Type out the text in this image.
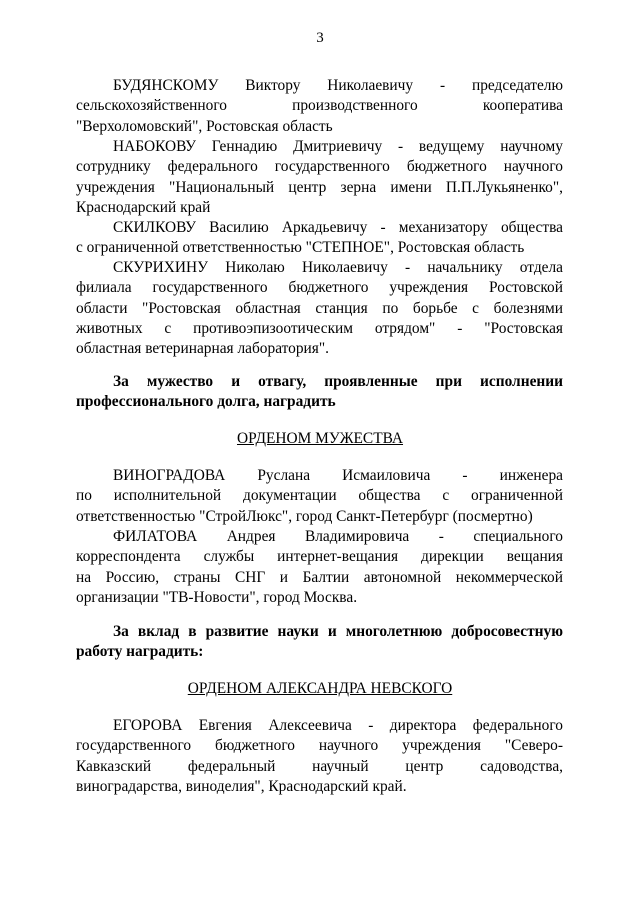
3
БУДЯНСКОМУ Виктору Николаевичу - председателю
сельскохозяйственного производственного кооператива
"Верхоломовский", Ростовская область
НАБОКОВУ Геннадию Дмитриевичу - ведущему научному
сотруднику федерального государственного бюджетного научного
учреждения "Национальный центр зерна имени П.П.Лукьяненко",
Краснодарский край
СКИЛКОВУ Василию Аркадьевичу - механизатору общества
с ограниченной ответственностью "СТЕПНОЕ", Ростовская область
СКУРИХИНУ Николаю Николаевичу - начальнику отдела
филиала государственного бюджетного учреждения Ростовской
области "Ростовская областная станция по борьбе с болезнями
животных с противоэпизоотическим отрядом" - "Ростовская
областная ветеринарная лаборатория".
За мужество и отвагу, проявленные при исполнении
профессионального долга, наградить
ОРДЕНОМ МУЖЕСТВА
ВИНОГРАДОВА Руслана Исмаиловича - инженера
по исполнительной документации общества с ограниченной
ответственностью "СтройЛюкс", город Санкт-Петербург (посмертно)
ФИЛАТОВА Андрея Владимировича - специального
корреспондента службы интернет-вещания дирекции вещания
на Россию, страны СНГ и Балтии автономной некоммерческой
организации "ТВ-Новости", город Москва.
За вклад в развитие науки и многолетнюю добросовестную
работу наградить:
ОРДЕНОМ АЛЕКСАНДРА НЕВСКОГО
ЕГОРОВА Евгения Алексеевича - директора федерального
государственного бюджетного научного учреждения "Северо-
Кавказский федеральный научный центр садоводства,
виноградарства, виноделия", Краснодарский край.
